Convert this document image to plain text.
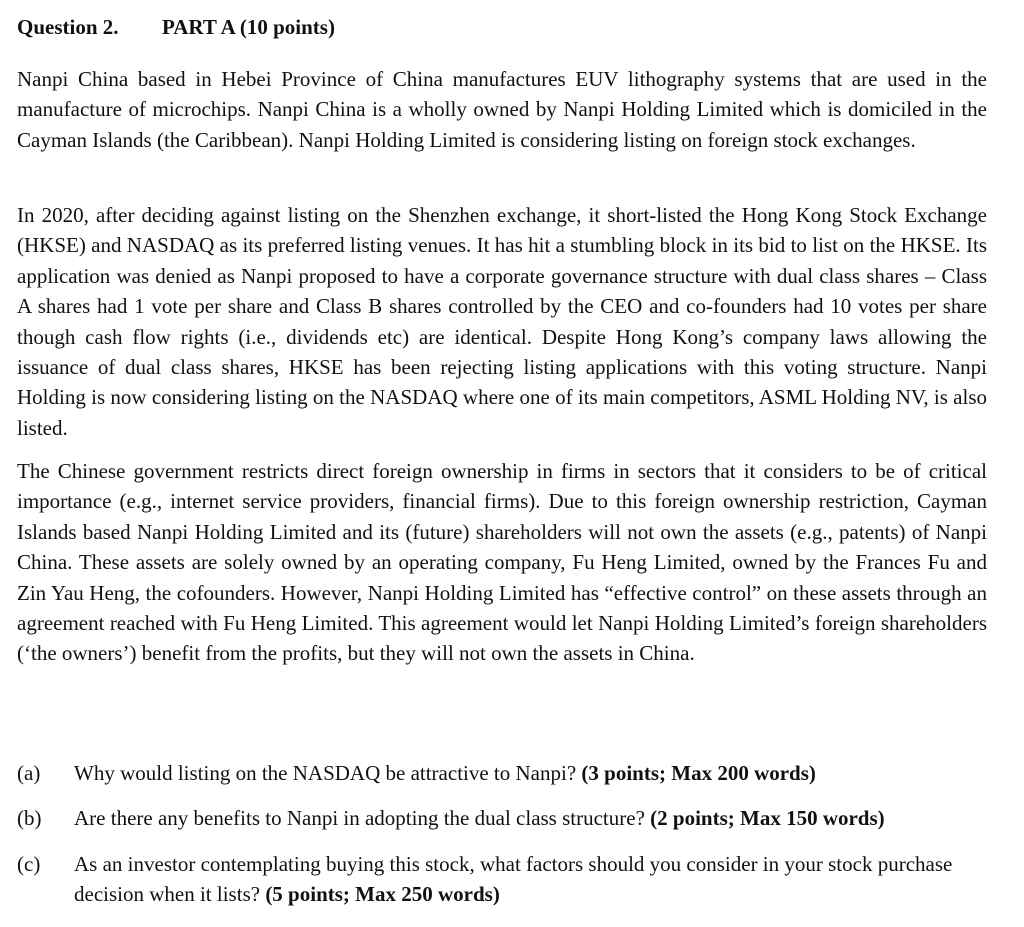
Question 2. PART A (10 points)

Nanpi China based in Hebei Province of China manufactures EUV lithography systems that are used in the manufacture of microchips. Nanpi China is a wholly owned by Nanpi Holding Limited which is domiciled in the Cayman Islands (the Caribbean). Nanpi Holding Limited is considering listing on foreign stock exchanges.

In 2020, after deciding against listing on the Shenzhen exchange, it short-listed the Hong Kong Stock Exchange (HKSE) and NASDAQ as its preferred listing venues. It has hit a stumbling block in its bid to list on the HKSE. Its application was denied as Nanpi proposed to have a corporate governance structure with dual class shares – Class A shares had 1 vote per share and Class B shares controlled by the CEO and co-founders had 10 votes per share though cash flow rights (i.e., dividends etc) are identical. Despite Hong Kong’s company laws allowing the issuance of dual class shares, HKSE has been rejecting listing applications with this voting structure. Nanpi Holding is now considering listing on the NASDAQ where one of its main competitors, ASML Holding NV, is also listed.

The Chinese government restricts direct foreign ownership in firms in sectors that it considers to be of critical importance (e.g., internet service providers, financial firms). Due to this foreign ownership restriction, Cayman Islands based Nanpi Holding Limited and its (future) shareholders will not own the assets (e.g., patents) of Nanpi China. These assets are solely owned by an operating company, Fu Heng Limited, owned by the Frances Fu and Zin Yau Heng, the cofounders. However, Nanpi Holding Limited has “effective control” on these assets through an agreement reached with Fu Heng Limited. This agreement would let Nanpi Holding Limited’s foreign shareholders (‘the owners’) benefit from the profits, but they will not own the assets in China.

(a)	Why would listing on the NASDAQ be attractive to Nanpi? (3 points; Max 200 words)
(b)	Are there any benefits to Nanpi in adopting the dual class structure? (2 points; Max 150 words)
(c)	As an investor contemplating buying this stock, what factors should you consider in your stock purchase decision when it lists? (5 points; Max 250 words)
